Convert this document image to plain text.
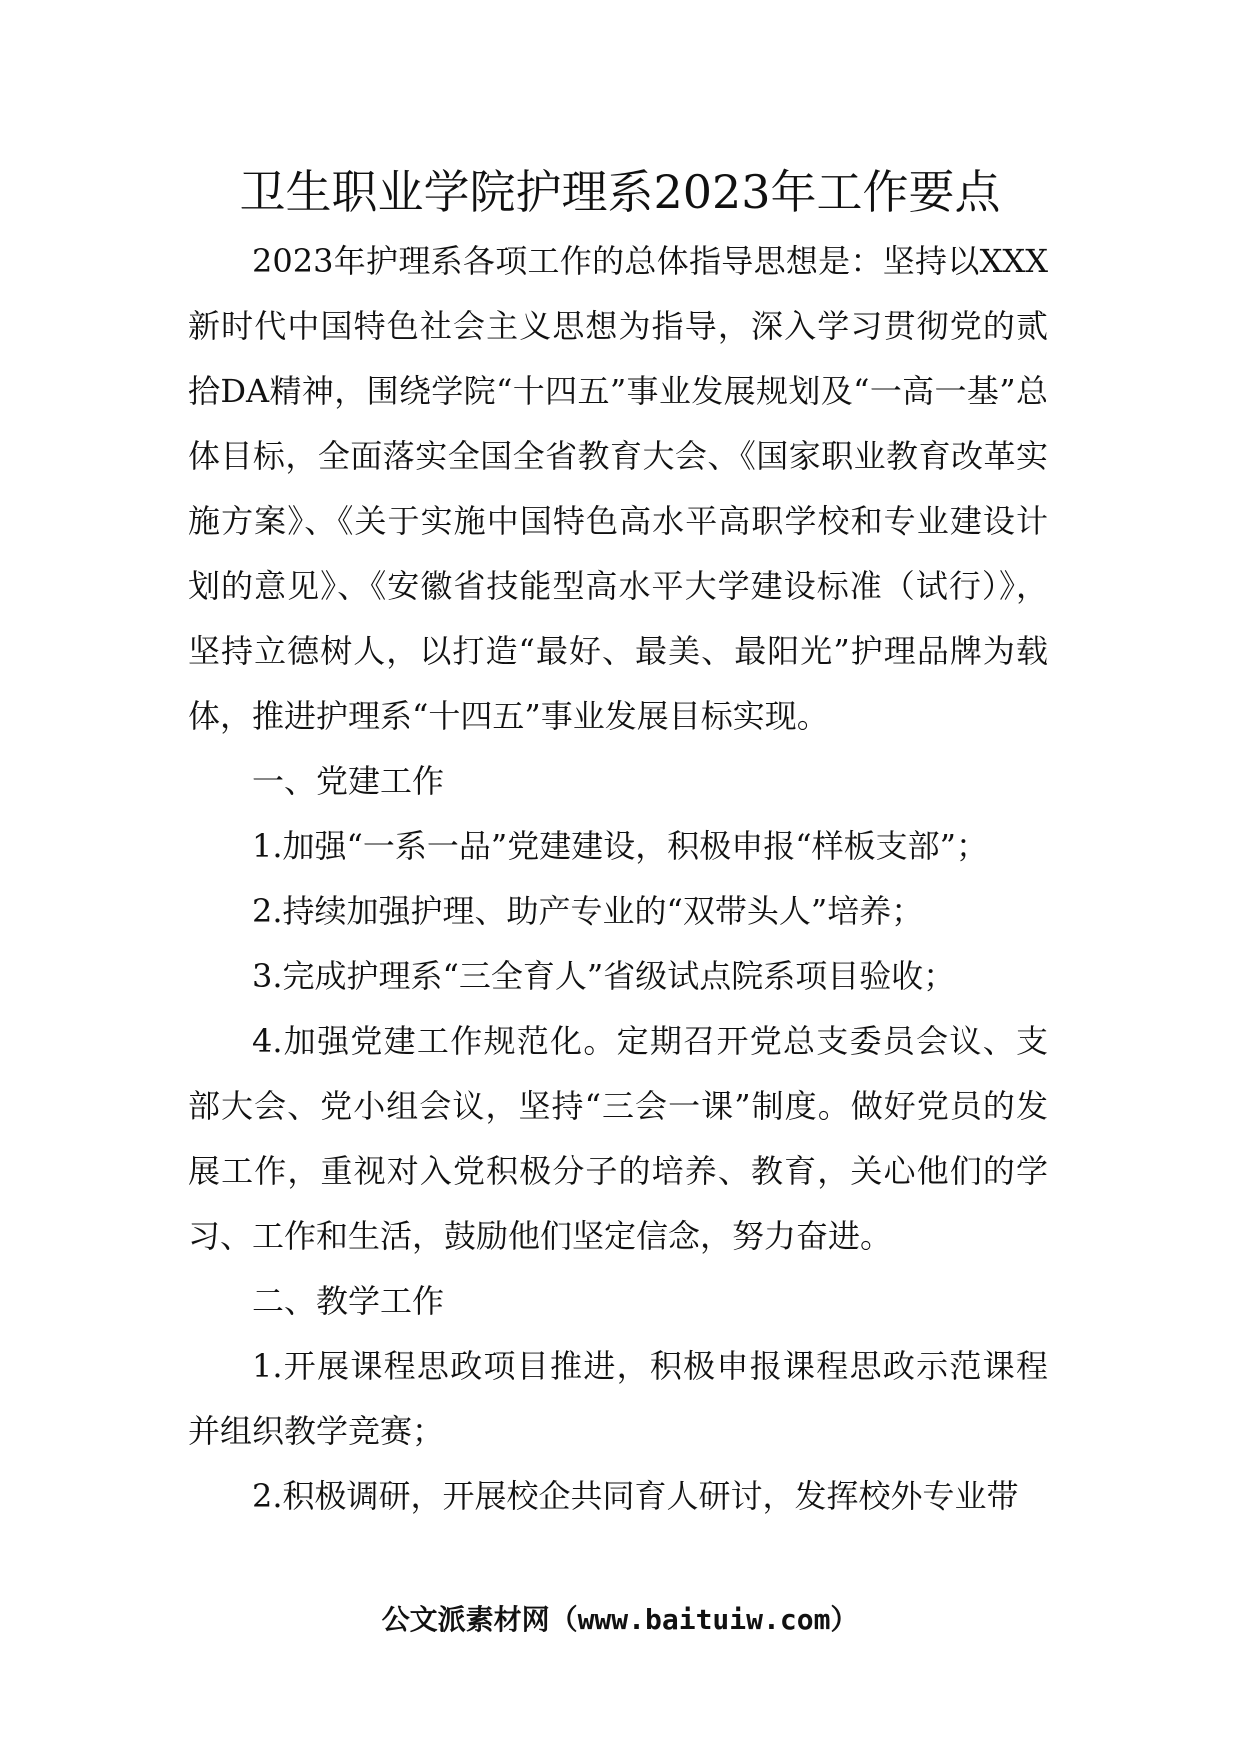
卫生职业学院护理系2023年工作要点

2023年护理系各项工作的总体指导思想是：坚持以XXX新时代中国特色社会主义思想为指导，深入学习贯彻党的贰拾DA精神，围绕学院“十四五”事业发展规划及“一高一基”总体目标，全面落实全国全省教育大会、《国家职业教育改革实施方案》、《关于实施中国特色高水平高职学校和专业建设计划的意见》、《安徽省技能型高水平大学建设标准（试行）》，坚持立德树人，以打造“最好、最美、最阳光”护理品牌为载体，推进护理系“十四五”事业发展目标实现。

一、党建工作

1.加强“一系一品”党建建设，积极申报“样板支部”；

2.持续加强护理、助产专业的“双带头人”培养；

3.完成护理系“三全育人”省级试点院系项目验收；

4.加强党建工作规范化。定期召开党总支委员会议、支部大会、党小组会议，坚持“三会一课”制度。做好党员的发展工作，重视对入党积极分子的培养、教育，关心他们的学习、工作和生活，鼓励他们坚定信念，努力奋进。

二、教学工作

1.开展课程思政项目推进，积极申报课程思政示范课程并组织教学竞赛；

2.积极调研，开展校企共同育人研讨，发挥校外专业带

公文派素材网（www.baituiw.com）
